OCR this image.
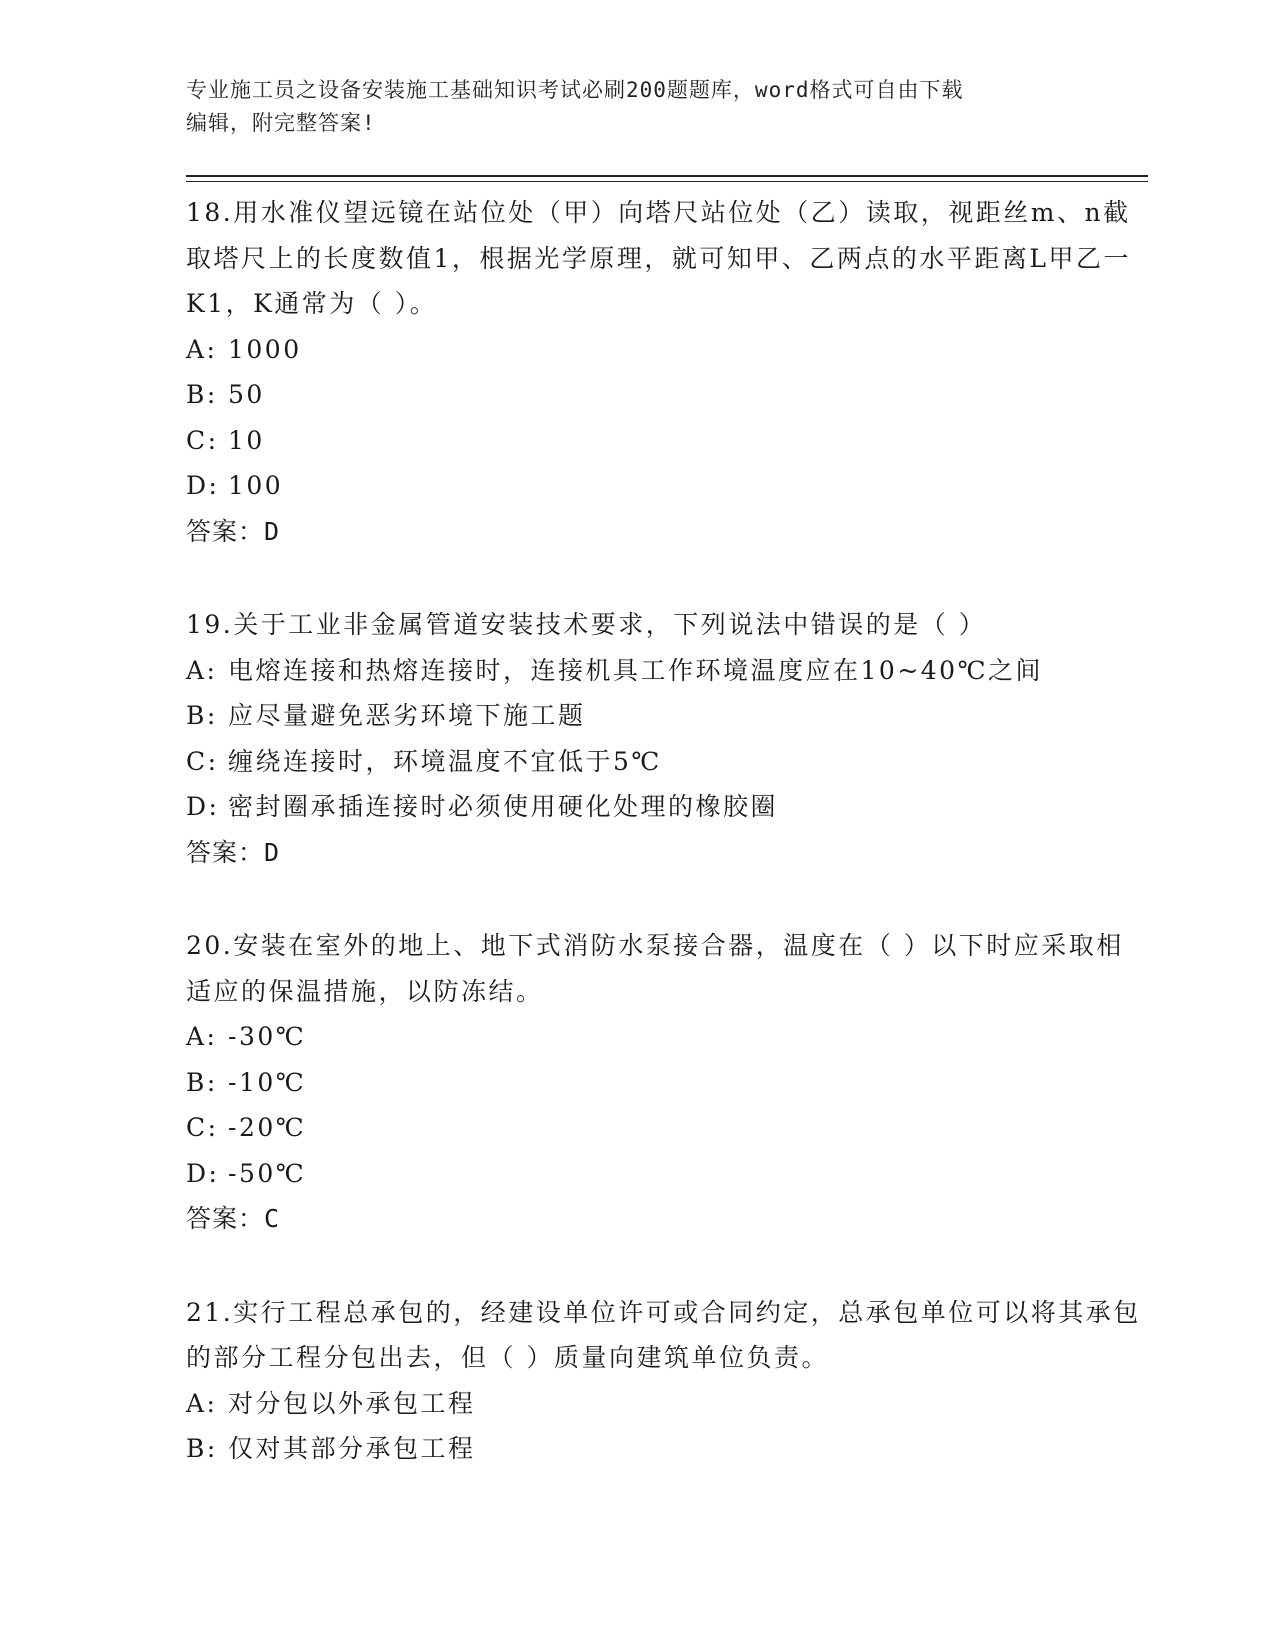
专业施工员之设备安装施工基础知识考试必刷200题题库，word格式可自由下载
编辑，附完整答案!

18.用水准仪望远镜在站位处（甲）向塔尺站位处（乙）读取，视距丝m、n截取塔尺上的长度数值1，根据光学原理，就可知甲、乙两点的水平距离L甲乙一K1，K通常为（ ）。

A: 1000
B: 50
C: 10
D: 100

答案：D

19.关于工业非金属管道安装技术要求，下列说法中错误的是（ ）

A: 电熔连接和热熔连接时，连接机具工作环境温度应在10~40℃之间
B: 应尽量避免恶劣环境下施工题
C: 缠绕连接时，环境温度不宜低于5℃
D: 密封圈承插连接时必须使用硬化处理的橡胶圈

答案：D

20.安装在室外的地上、地下式消防水泵接合器，温度在（ ）以下时应采取相适应的保温措施，以防冻结。

A: -30℃
B: -10℃
C: -20℃
D: -50℃

答案：C

21.实行工程总承包的，经建设单位许可或合同约定，总承包单位可以将其承包的部分工程分包出去，但（ ）质量向建筑单位负责。

A: 对分包以外承包工程
B: 仅对其部分承包工程
